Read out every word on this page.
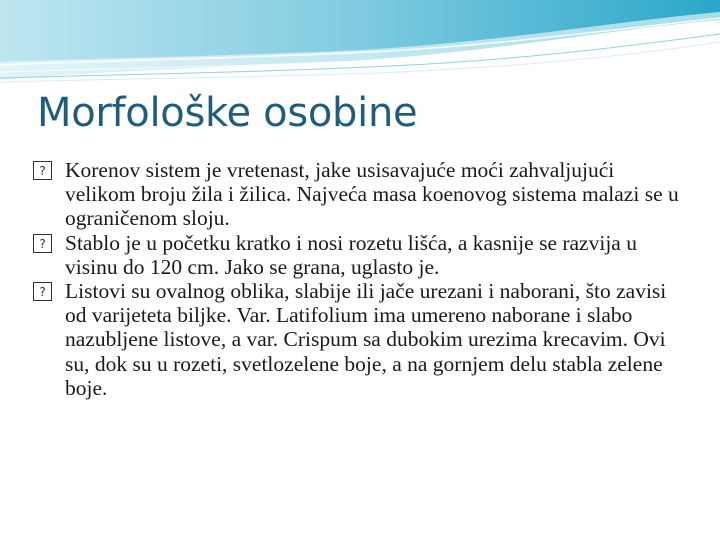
Morfološke osobine

? Korenov sistem je vretenast, jake usisavajuće moći zahvaljujući velikom broju žila i žilica. Najveća masa koenovog sistema malazi se u ograničenom sloju.

? Stablo je u početku kratko i nosi rozetu lišća, a kasnije se razvija u visinu do 120 cm. Jako se grana, uglasto je.

? Listovi su ovalnog oblika, slabije ili jače urezani i naborani, što zavisi od varijeteta biljke. Var. Latifolium ima umereno naborane i slabo nazubljene listove, a var. Crispum sa dubokim urezima krecavim. Ovi su, dok su u rozeti, svetlozelene boje, a na gornjem delu stabla zelene boje.
